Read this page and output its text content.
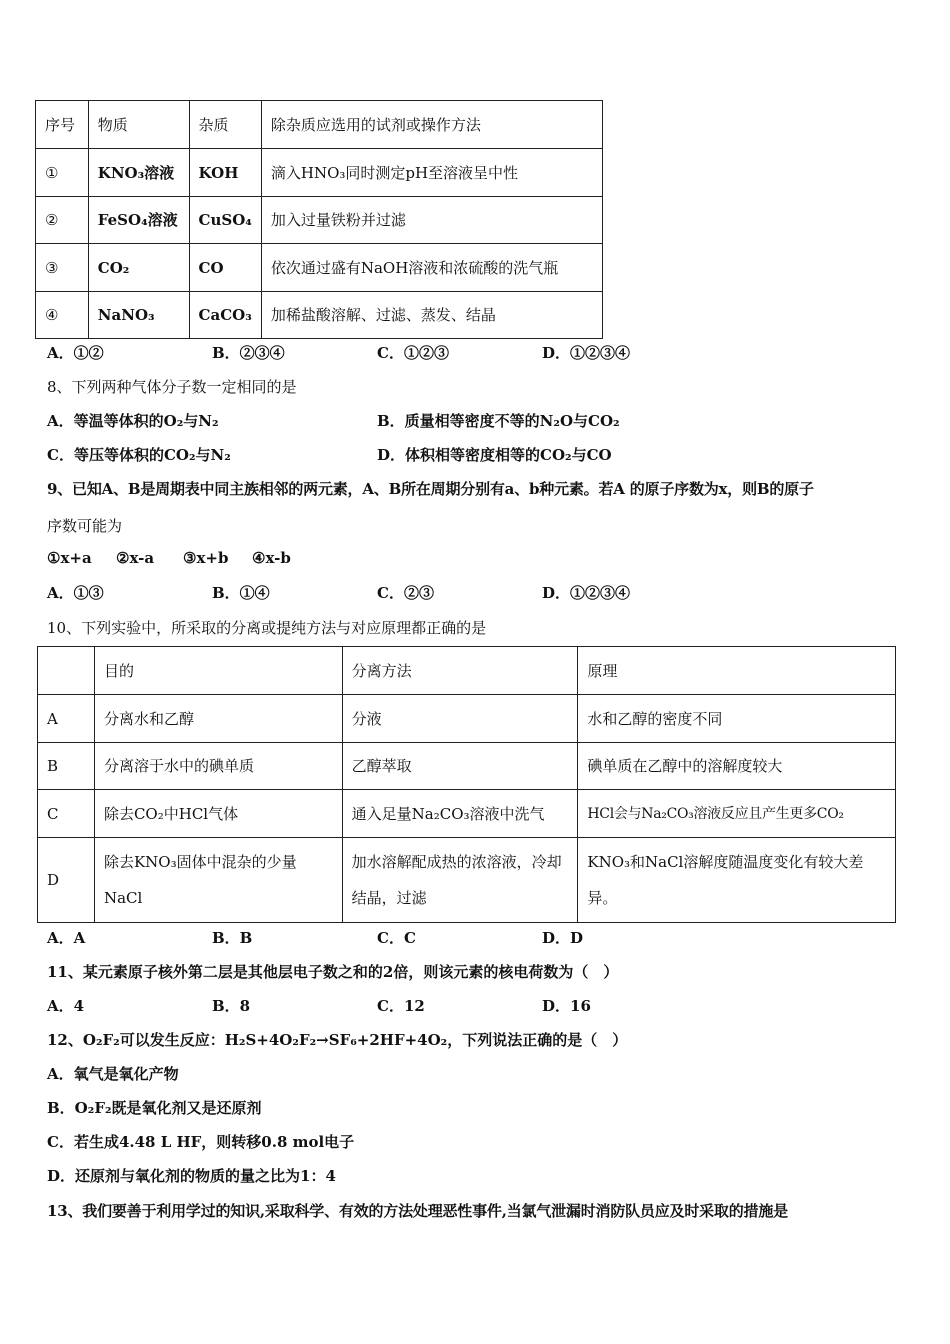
序号	物质	杂质	除杂质应选用的试剂或操作方法
①	KNO₃溶液	KOH	滴入HNO₃同时测定pH至溶液呈中性
②	FeSO₄溶液	CuSO₄	加入过量铁粉并过滤
③	CO₂	CO	依次通过盛有NaOH溶液和浓硫酸的洗气瓶
④	NaNO₃	CaCO₃	加稀盐酸溶解、过滤、蒸发、结晶
A．①②	B．②③④	C．①②③	D．①②③④
8、下列两种气体分子数一定相同的是
A．等温等体积的O₂与N₂	B．质量相等密度不等的N₂O与CO₂
C．等压等体积的CO₂与N₂	D．体积相等密度相等的CO₂与CO
9、已知A、B是周期表中同主族相邻的两元素，A、B所在周期分别有a、b种元素。若A 的原子序数为x，则B的原子
序数可能为
①x+a ②x-a ③x+b ④x-b
A．①③	B．①④	C．②③	D．①②③④
10、下列实验中，所采取的分离或提纯方法与对应原理都正确的是
	目的	分离方法	原理
A	分离水和乙醇	分液	水和乙醇的密度不同
B	分离溶于水中的碘单质	乙醇萃取	碘单质在乙醇中的溶解度较大
C	除去CO₂中HCl气体	通入足量Na₂CO₃溶液中洗气	HCl会与Na₂CO₃溶液反应且产生更多CO₂
D	除去KNO₃固体中混杂的少量NaCl	加水溶解配成热的浓溶液，冷却结晶，过滤	KNO₃和NaCl溶解度随温度变化有较大差异。
A．A	B．B	C．C	D．D
11、某元素原子核外第二层是其他层电子数之和的2倍，则该元素的核电荷数为（　）
A．4	B．8	C．12	D．16
12、O₂F₂可以发生反应：H₂S+4O₂F₂→SF₆+2HF+4O₂，下列说法正确的是（　）
A．氧气是氧化产物
B．O₂F₂既是氧化剂又是还原剂
C．若生成4.48 L HF，则转移0.8 mol电子
D．还原剂与氧化剂的物质的量之比为1：4
13、我们要善于利用学过的知识,采取科学、有效的方法处理恶性事件,当氯气泄漏时消防队员应及时采取的措施是
